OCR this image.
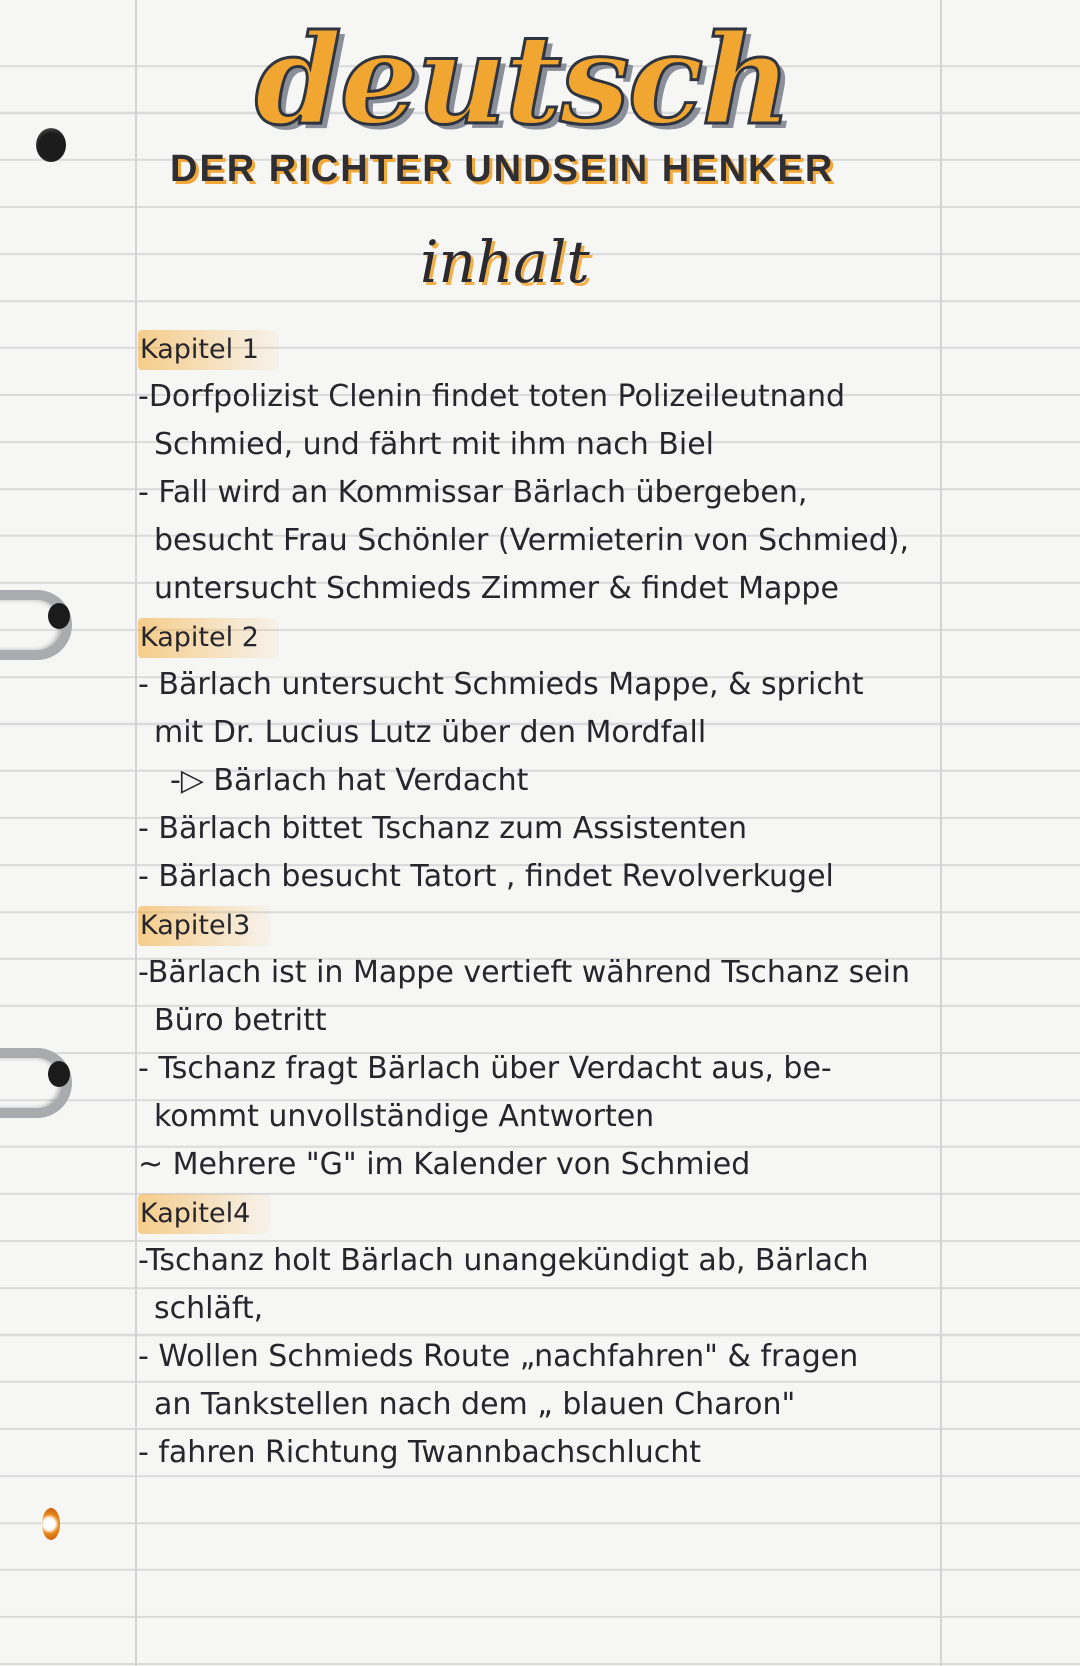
deutsch
DER RICHTER UNDSEIN HENKER
inhalt
Kapitel 1
-Dorfpolizist Clenin findet toten Polizeileutnand
Schmied, und fährt mit ihm nach Biel
- Fall wird an Kommissar Bärlach übergeben,
besucht Frau Schönler (Vermieterin von Schmied),
untersucht Schmieds Zimmer & findet Mappe
Kapitel 2
- Bärlach untersucht Schmieds Mappe, & spricht
mit Dr. Lucius Lutz über den Mordfall
-▷ Bärlach hat Verdacht
- Bärlach bittet Tschanz zum Assistenten
- Bärlach besucht Tatort , findet Revolverkugel
Kapitel3
-Bärlach ist in Mappe vertieft während Tschanz sein
Büro betritt
- Tschanz fragt Bärlach über Verdacht aus, be-
kommt unvollständige Antworten
~ Mehrere "G" im Kalender von Schmied
Kapitel4
-Tschanz holt Bärlach unangekündigt ab, Bärlach
schläft,
- Wollen Schmieds Route „nachfahren" & fragen
an Tankstellen nach dem „ blauen Charon"
- fahren Richtung Twannbachschlucht
